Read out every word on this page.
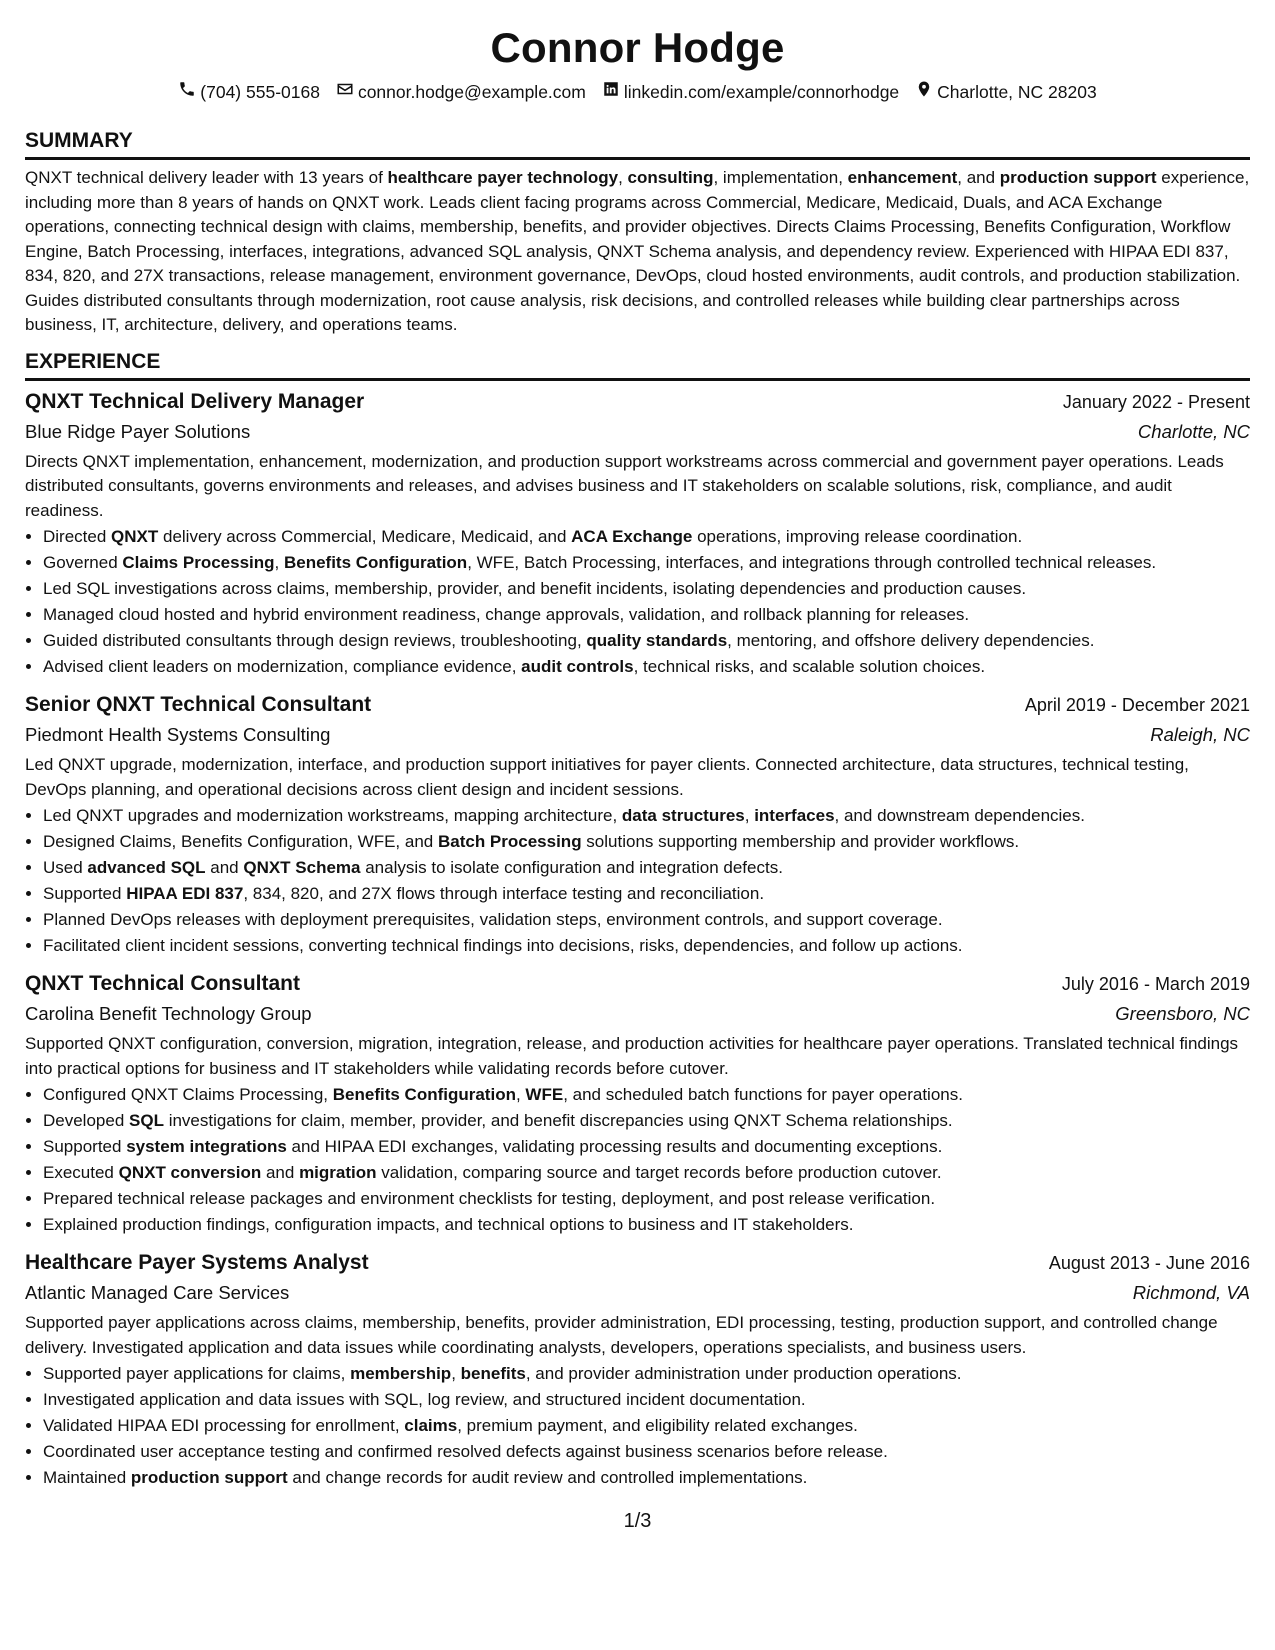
Connor Hodge
(704) 555-0168 connor.hodge@example.com linkedin.com/example/connorhodge Charlotte, NC 28203
SUMMARY
QNXT technical delivery leader with 13 years of healthcare payer technology, consulting, implementation, enhancement, and production support experience, including more than 8 years of hands on QNXT work. Leads client facing programs across Commercial, Medicare, Medicaid, Duals, and ACA Exchange operations, connecting technical design with claims, membership, benefits, and provider objectives. Directs Claims Processing, Benefits Configuration, Workflow Engine, Batch Processing, interfaces, integrations, advanced SQL analysis, QNXT Schema analysis, and dependency review. Experienced with HIPAA EDI 837, 834, 820, and 27X transactions, release management, environment governance, DevOps, cloud hosted environments, audit controls, and production stabilization. Guides distributed consultants through modernization, root cause analysis, risk decisions, and controlled releases while building clear partnerships across business, IT, architecture, delivery, and operations teams.
EXPERIENCE
QNXT Technical Delivery Manager	January 2022 - Present
Blue Ridge Payer Solutions	Charlotte, NC
Directs QNXT implementation, enhancement, modernization, and production support workstreams across commercial and government payer operations. Leads distributed consultants, governs environments and releases, and advises business and IT stakeholders on scalable solutions, risk, compliance, and audit readiness.
• Directed QNXT delivery across Commercial, Medicare, Medicaid, and ACA Exchange operations, improving release coordination.
• Governed Claims Processing, Benefits Configuration, WFE, Batch Processing, interfaces, and integrations through controlled technical releases.
• Led SQL investigations across claims, membership, provider, and benefit incidents, isolating dependencies and production causes.
• Managed cloud hosted and hybrid environment readiness, change approvals, validation, and rollback planning for releases.
• Guided distributed consultants through design reviews, troubleshooting, quality standards, mentoring, and offshore delivery dependencies.
• Advised client leaders on modernization, compliance evidence, audit controls, technical risks, and scalable solution choices.
Senior QNXT Technical Consultant	April 2019 - December 2021
Piedmont Health Systems Consulting	Raleigh, NC
Led QNXT upgrade, modernization, interface, and production support initiatives for payer clients. Connected architecture, data structures, technical testing, DevOps planning, and operational decisions across client design and incident sessions.
• Led QNXT upgrades and modernization workstreams, mapping architecture, data structures, interfaces, and downstream dependencies.
• Designed Claims, Benefits Configuration, WFE, and Batch Processing solutions supporting membership and provider workflows.
• Used advanced SQL and QNXT Schema analysis to isolate configuration and integration defects.
• Supported HIPAA EDI 837, 834, 820, and 27X flows through interface testing and reconciliation.
• Planned DevOps releases with deployment prerequisites, validation steps, environment controls, and support coverage.
• Facilitated client incident sessions, converting technical findings into decisions, risks, dependencies, and follow up actions.
QNXT Technical Consultant	July 2016 - March 2019
Carolina Benefit Technology Group	Greensboro, NC
Supported QNXT configuration, conversion, migration, integration, release, and production activities for healthcare payer operations. Translated technical findings into practical options for business and IT stakeholders while validating records before cutover.
• Configured QNXT Claims Processing, Benefits Configuration, WFE, and scheduled batch functions for payer operations.
• Developed SQL investigations for claim, member, provider, and benefit discrepancies using QNXT Schema relationships.
• Supported system integrations and HIPAA EDI exchanges, validating processing results and documenting exceptions.
• Executed QNXT conversion and migration validation, comparing source and target records before production cutover.
• Prepared technical release packages and environment checklists for testing, deployment, and post release verification.
• Explained production findings, configuration impacts, and technical options to business and IT stakeholders.
Healthcare Payer Systems Analyst	August 2013 - June 2016
Atlantic Managed Care Services	Richmond, VA
Supported payer applications across claims, membership, benefits, provider administration, EDI processing, testing, production support, and controlled change delivery. Investigated application and data issues while coordinating analysts, developers, operations specialists, and business users.
• Supported payer applications for claims, membership, benefits, and provider administration under production operations.
• Investigated application and data issues with SQL, log review, and structured incident documentation.
• Validated HIPAA EDI processing for enrollment, claims, premium payment, and eligibility related exchanges.
• Coordinated user acceptance testing and confirmed resolved defects against business scenarios before release.
• Maintained production support and change records for audit review and controlled implementations.
1/3
